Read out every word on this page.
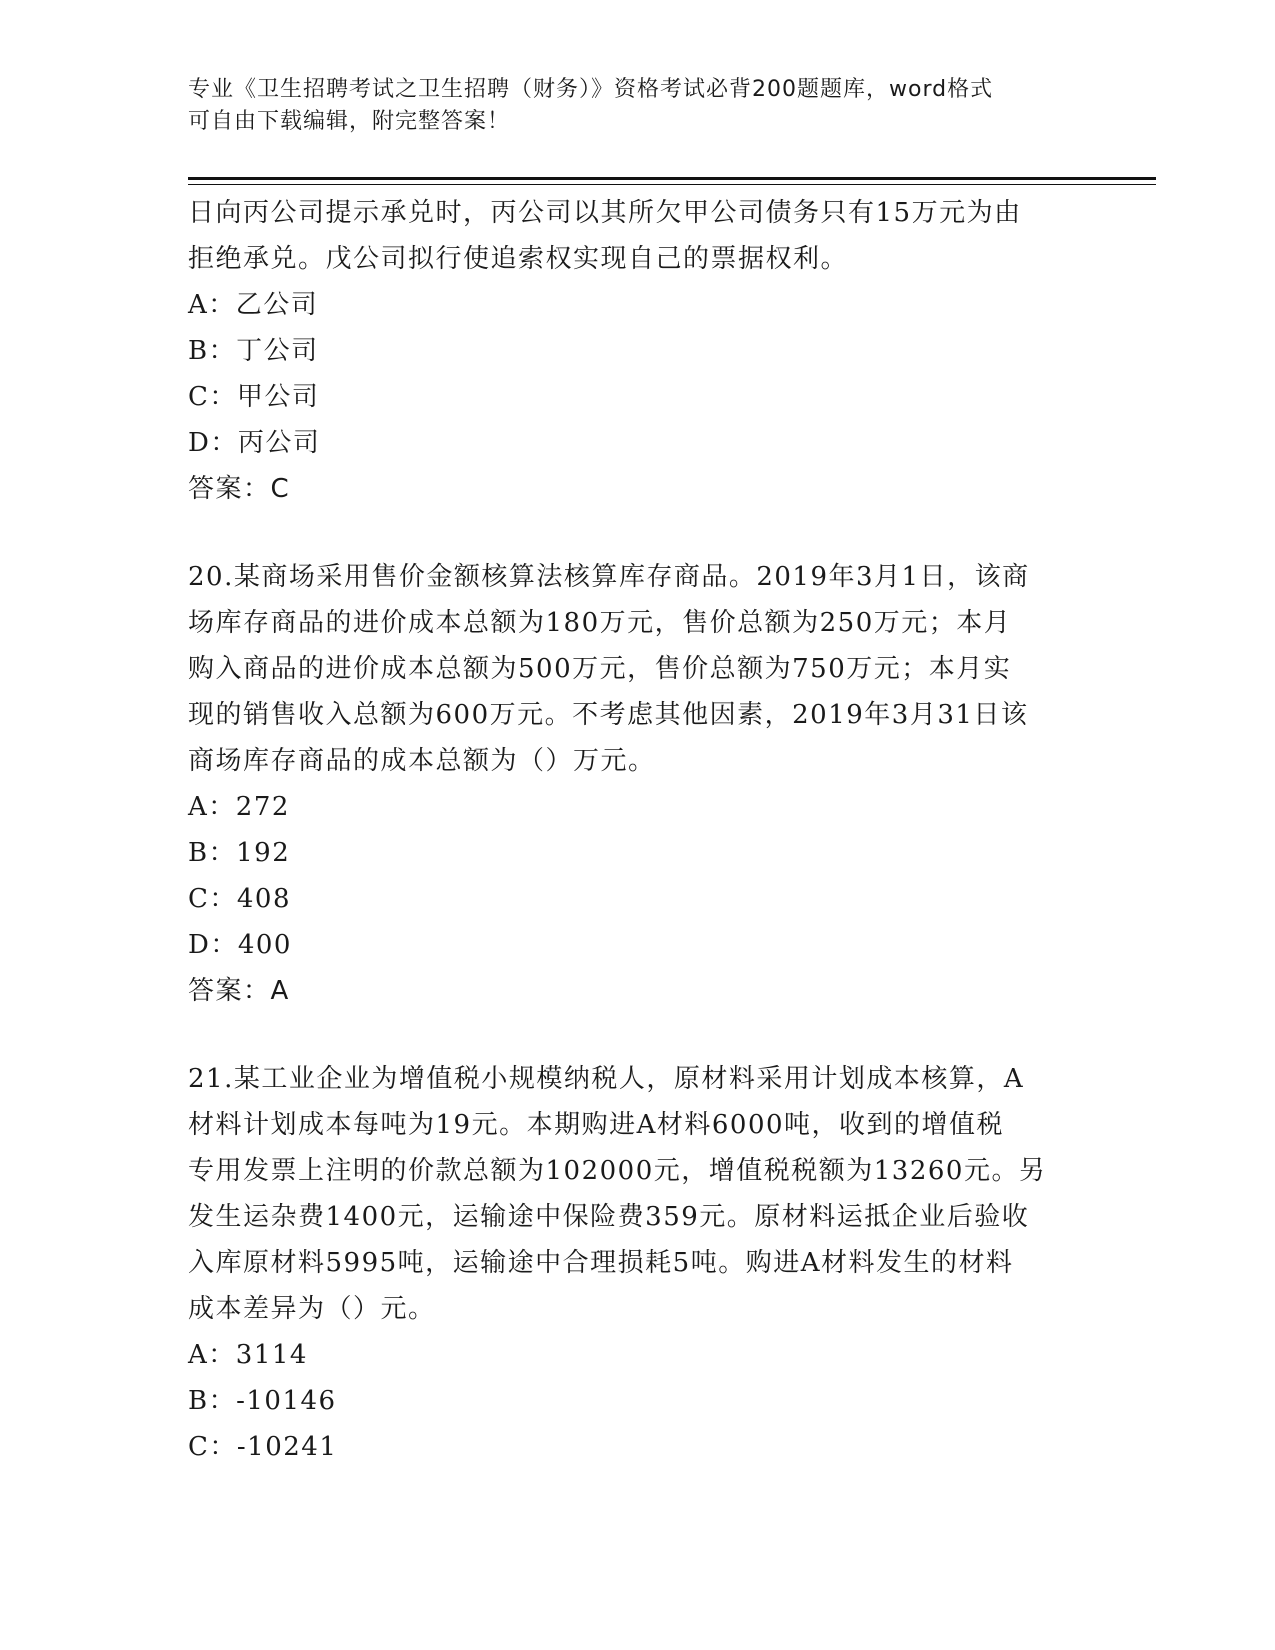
专业《卫生招聘考试之卫生招聘（财务）》资格考试必背200题题库，word格式
可自由下载编辑，附完整答案！

日向丙公司提示承兑时，丙公司以其所欠甲公司债务只有15万元为由

拒绝承兑。戊公司拟行使追索权实现自己的票据权利。

A：乙公司

B：丁公司

C：甲公司

D：丙公司

答案：C

20.某商场采用售价金额核算法核算库存商品。2019年3月1日，该商

场库存商品的进价成本总额为180万元，售价总额为250万元；本月

购入商品的进价成本总额为500万元，售价总额为750万元；本月实

现的销售收入总额为600万元。不考虑其他因素，2019年3月31日该

商场库存商品的成本总额为（）万元。

A：272

B：192

C：408

D：400

答案：A

21.某工业企业为增值税小规模纳税人，原材料采用计划成本核算，A

材料计划成本每吨为19元。本期购进A材料6000吨，收到的增值税

专用发票上注明的价款总额为102000元，增值税税额为13260元。另

发生运杂费1400元，运输途中保险费359元。原材料运抵企业后验收

入库原材料5995吨，运输途中合理损耗5吨。购进A材料发生的材料

成本差异为（）元。

A：3114

B：-10146

C：-10241
